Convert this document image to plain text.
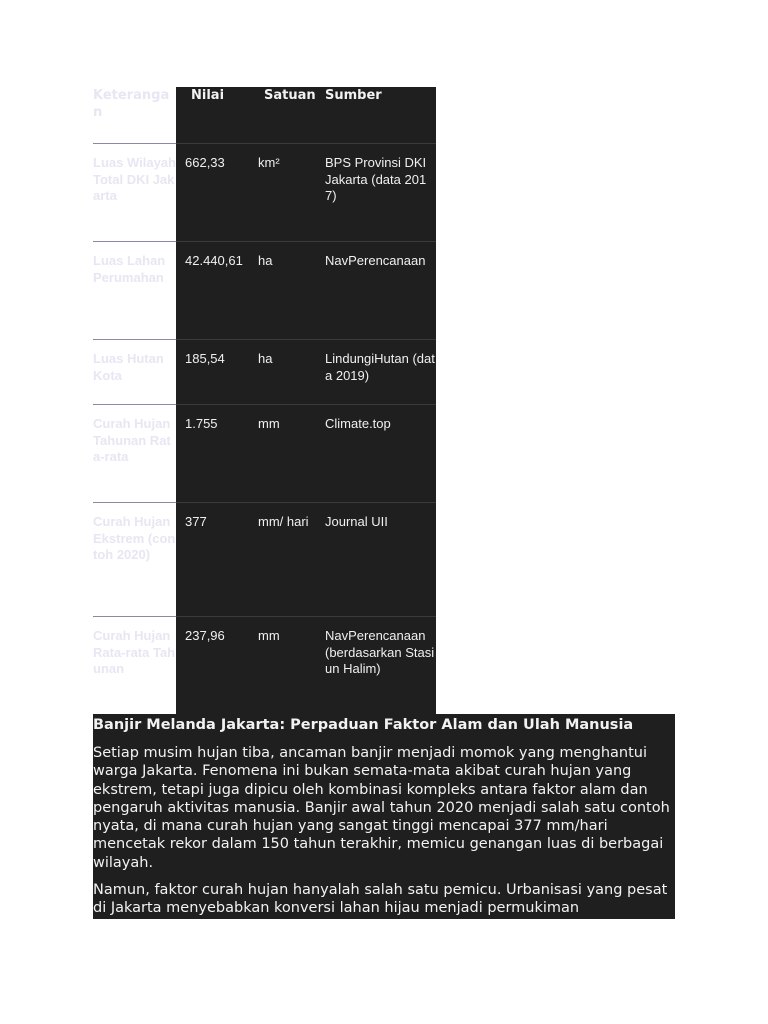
Keterangan	Nilai	Satuan	Sumber
Luas Wilayah Total DKI Jakarta	662,33	km²	BPS Provinsi DKI Jakarta (data 2017)
Luas Lahan Perumahan	42.440,61	ha	NavPerencanaan
Luas Hutan Kota	185,54	ha	LindungiHutan (data 2019)
Curah Hujan Tahunan Rata-rata	1.755	mm	Climate.top
Curah Hujan Ekstrem (contoh 2020)	377	mm/ hari	Journal UII
Curah Hujan Rata-rata Tahunan	237,96	mm	NavPerencanaan (berdasarkan Stasiun Halim)
Banjir Melanda Jakarta: Perpaduan Faktor Alam dan Ulah Manusia

Setiap musim hujan tiba, ancaman banjir menjadi momok yang menghantui warga Jakarta. Fenomena ini bukan semata-mata akibat curah hujan yang ekstrem, tetapi juga dipicu oleh kombinasi kompleks antara faktor alam dan pengaruh aktivitas manusia. Banjir awal tahun 2020 menjadi salah satu contoh nyata, di mana curah hujan yang sangat tinggi mencapai 377 mm/hari mencetak rekor dalam 150 tahun terakhir, memicu genangan luas di berbagai wilayah.

Namun, faktor curah hujan hanyalah salah satu pemicu. Urbanisasi yang pesat di Jakarta menyebabkan konversi lahan hijau menjadi permukiman
